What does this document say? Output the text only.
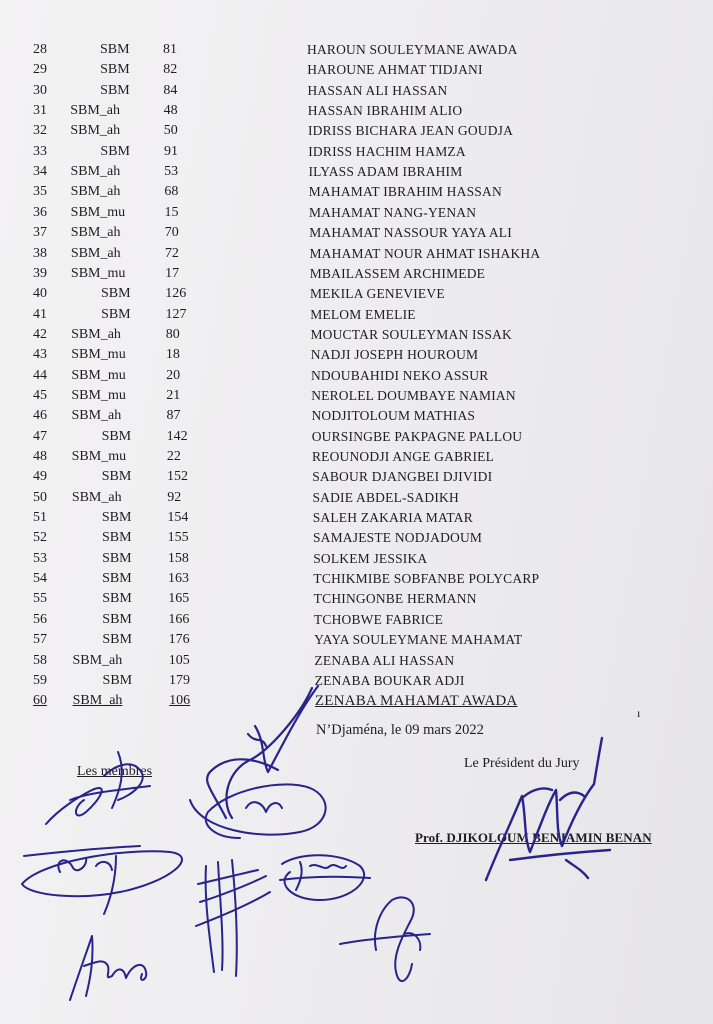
28	SBM	81	HAROUN SOULEYMANE AWADA
29	SBM	82	HAROUNE AHMAT TIDJANI
30	SBM	84	HASSAN ALI HASSAN
31	SBM_ah	48	HASSAN IBRAHIM ALIO
32	SBM_ah	50	IDRISS BICHARA JEAN GOUDJA
33	SBM	91	IDRISS HACHIM HAMZA
34	SBM_ah	53	ILYASS ADAM IBRAHIM
35	SBM_ah	68	MAHAMAT IBRAHIM HASSAN
36	SBM_mu	15	MAHAMAT NANG-YENAN
37	SBM_ah	70	MAHAMAT NASSOUR YAYA ALI
38	SBM_ah	72	MAHAMAT NOUR AHMAT ISHAKHA
39	SBM_mu	17	MBAILASSEM ARCHIMEDE
40	SBM	126	MEKILA GENEVIEVE
41	SBM	127	MELOM EMELIE
42	SBM_ah	80	MOUCTAR SOULEYMAN ISSAK
43	SBM_mu	18	NADJI JOSEPH HOUROUM
44	SBM_mu	20	NDOUBAHIDI NEKO ASSUR
45	SBM_mu	21	NEROLEL DOUMBAYE NAMIAN
46	SBM_ah	87	NODJITOLOUM MATHIAS
47	SBM	142	OURSINGBE PAKPAGNE PALLOU
48	SBM_mu	22	REOUNODJI ANGE GABRIEL
49	SBM	152	SABOUR DJANGBEI DJIVIDI
50	SBM_ah	92	SADIE ABDEL-SADIKH
51	SBM	154	SALEH ZAKARIA MATAR
52	SBM	155	SAMAJESTE NODJADOUM
53	SBM	158	SOLKEM JESSIKA
54	SBM	163	TCHIKMIBE SOBFANBE POLYCARP
55	SBM	165	TCHINGONBE HERMANN
56	SBM	166	TCHOBWE FABRICE
57	SBM	176	YAYA SOULEYMANE MAHAMAT
58	SBM_ah	105	ZENABA ALI HASSAN
59	SBM	179	ZENABA BOUKAR ADJI
60	SBM_ah	106	ZENABA MAHAMAT AWADA
N’Djaména, le 09 mars 2022
Les membres
Le Président du Jury
Prof. DJIKOLOUM BENJAMIN BENAN
ı
